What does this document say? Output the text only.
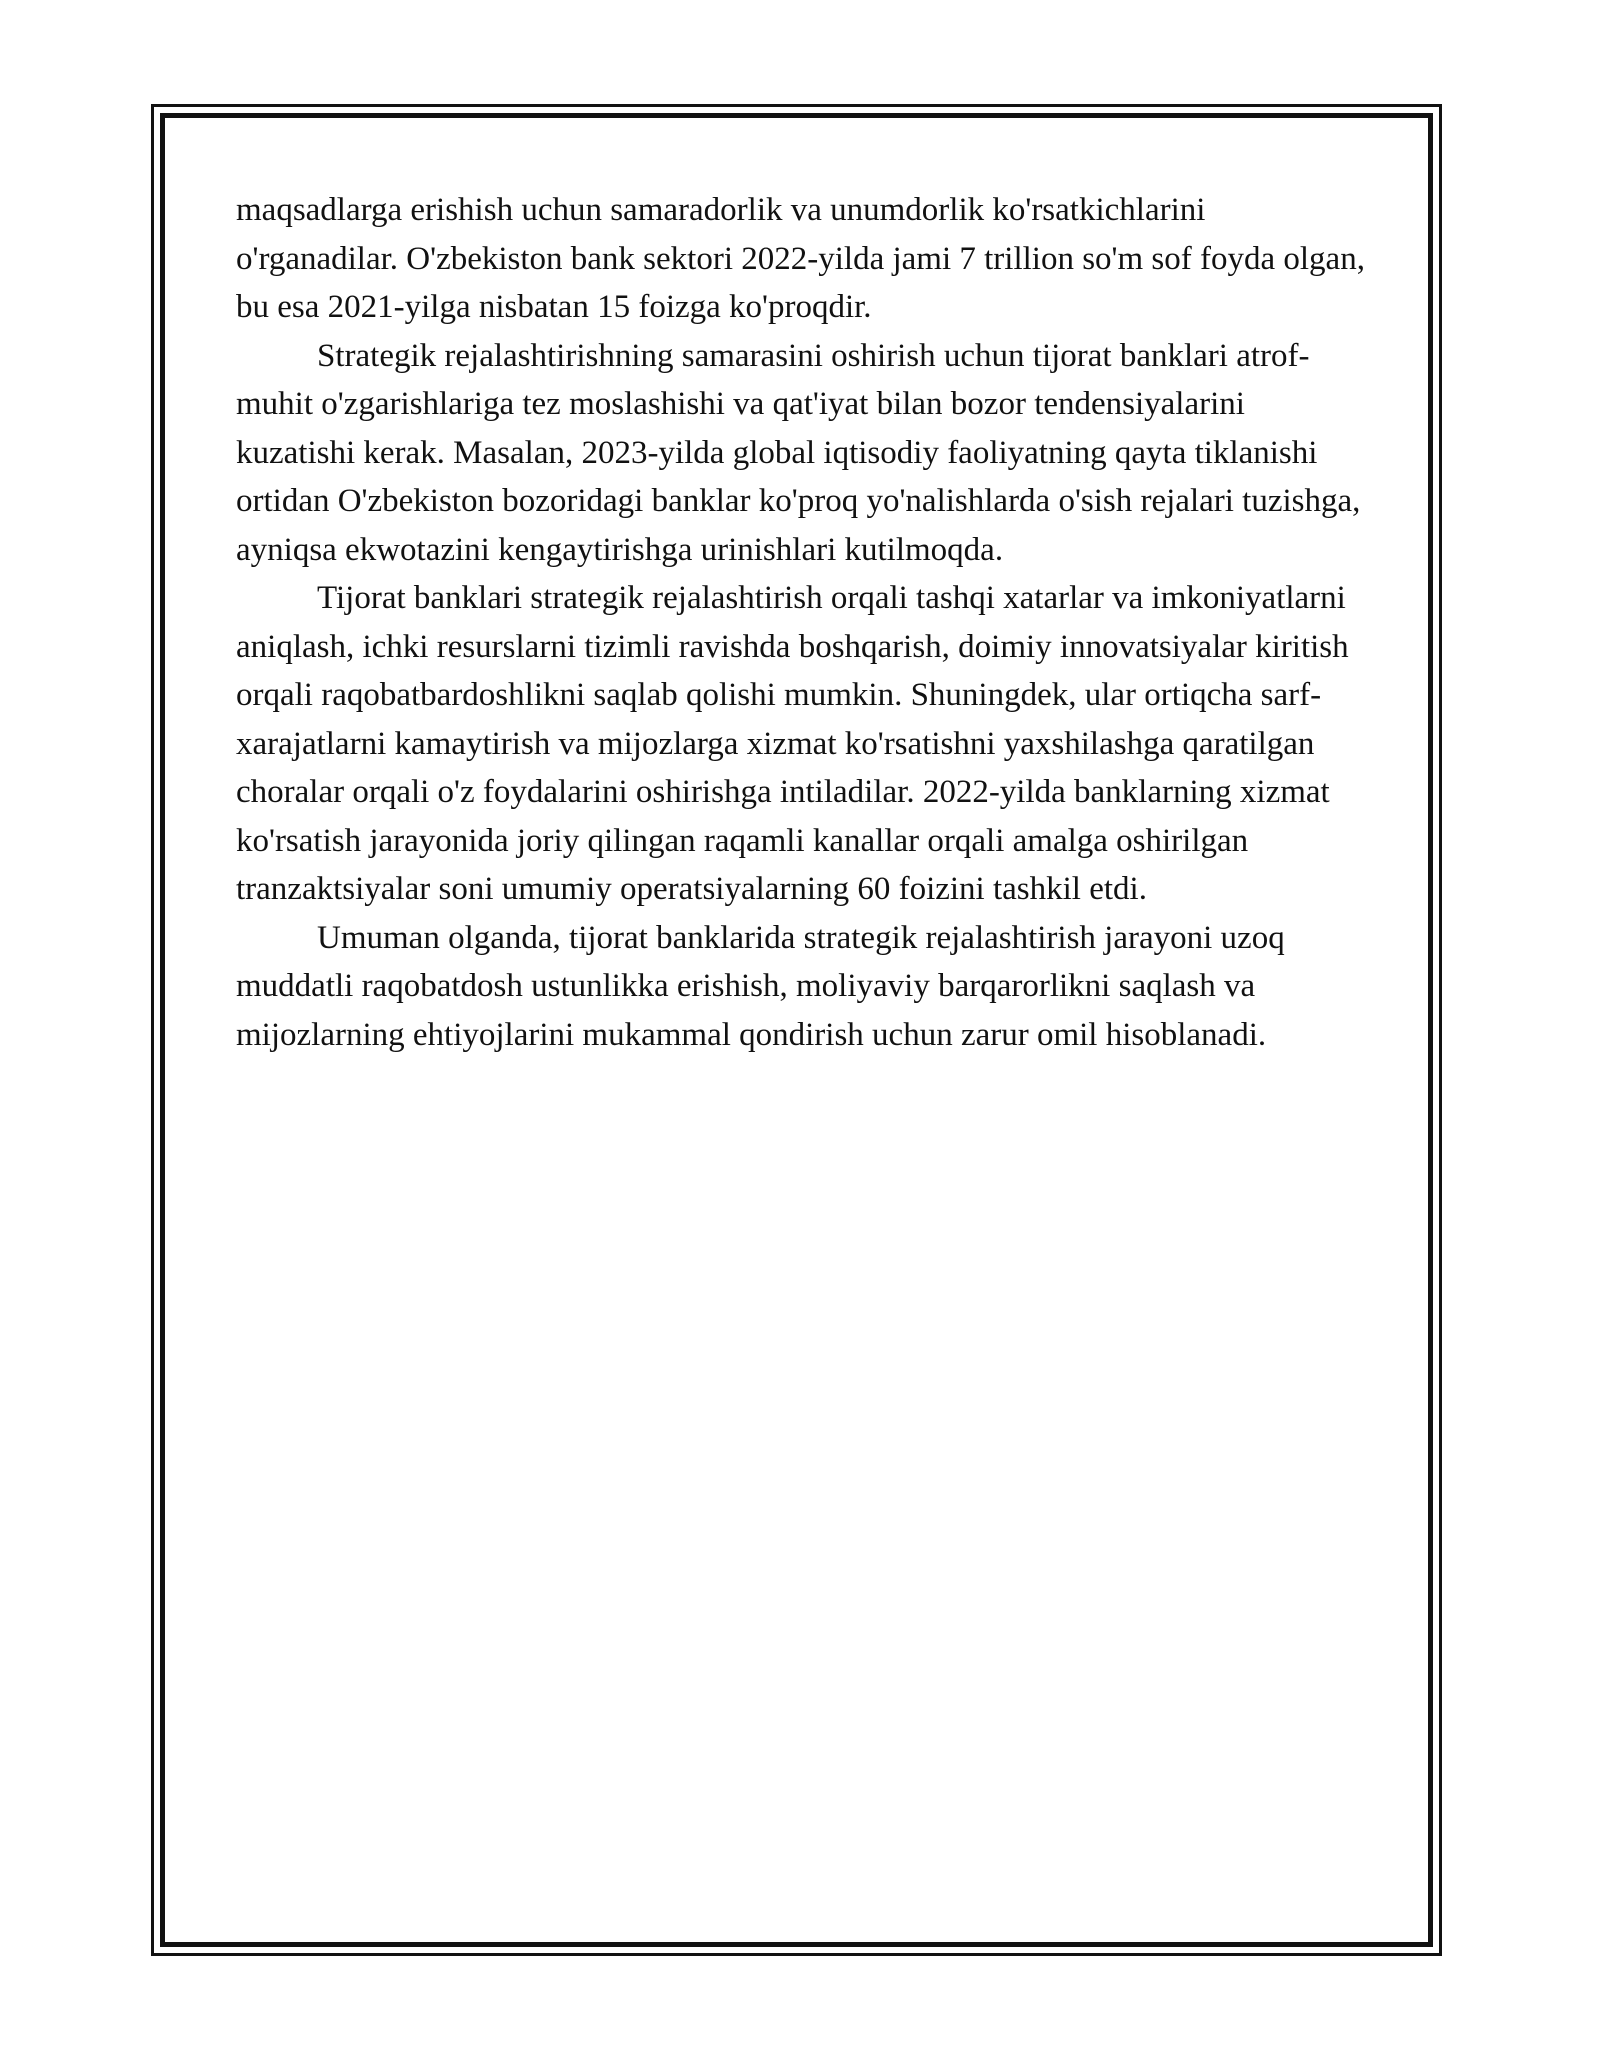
maqsadlarga erishish uchun samaradorlik va unumdorlik ko'rsatkichlarini o'rganadilar. O'zbekiston bank sektori 2022-yilda jami 7 trillion so'm sof foyda olgan, bu esa 2021-yilga nisbatan 15 foizga ko'proqdir.

Strategik rejalashtirishning samarasini oshirish uchun tijorat banklari atrof-muhit o'zgarishlariga tez moslashishi va qat'iyat bilan bozor tendensiyalarini kuzatishi kerak. Masalan, 2023-yilda global iqtisodiy faoliyatning qayta tiklanishi ortidan O'zbekiston bozoridagi banklar ko'proq yo'nalishlarda o'sish rejalari tuzishga, ayniqsa ekwotazini kengaytirishga urinishlari kutilmoqda.

Tijorat banklari strategik rejalashtirish orqali tashqi xatarlar va imkoniyatlarni aniqlash, ichki resurslarni tizimli ravishda boshqarish, doimiy innovatsiyalar kiritish orqali raqobatbardoshlikni saqlab qolishi mumkin. Shuningdek, ular ortiqcha sarf-xarajatlarni kamaytirish va mijozlarga xizmat ko'rsatishni yaxshilashga qaratilgan choralar orqali o'z foydalarini oshirishga intiladilar. 2022-yilda banklarning xizmat ko'rsatish jarayonida joriy qilingan raqamli kanallar orqali amalga oshirilgan tranzaktsiyalar soni umumiy operatsiyalarning 60 foizini tashkil etdi.

Umuman olganda, tijorat banklarida strategik rejalashtirish jarayoni uzoq muddatli raqobatdosh ustunlikka erishish, moliyaviy barqarorlikni saqlash va mijozlarning ehtiyojlarini mukammal qondirish uchun zarur omil hisoblanadi.
